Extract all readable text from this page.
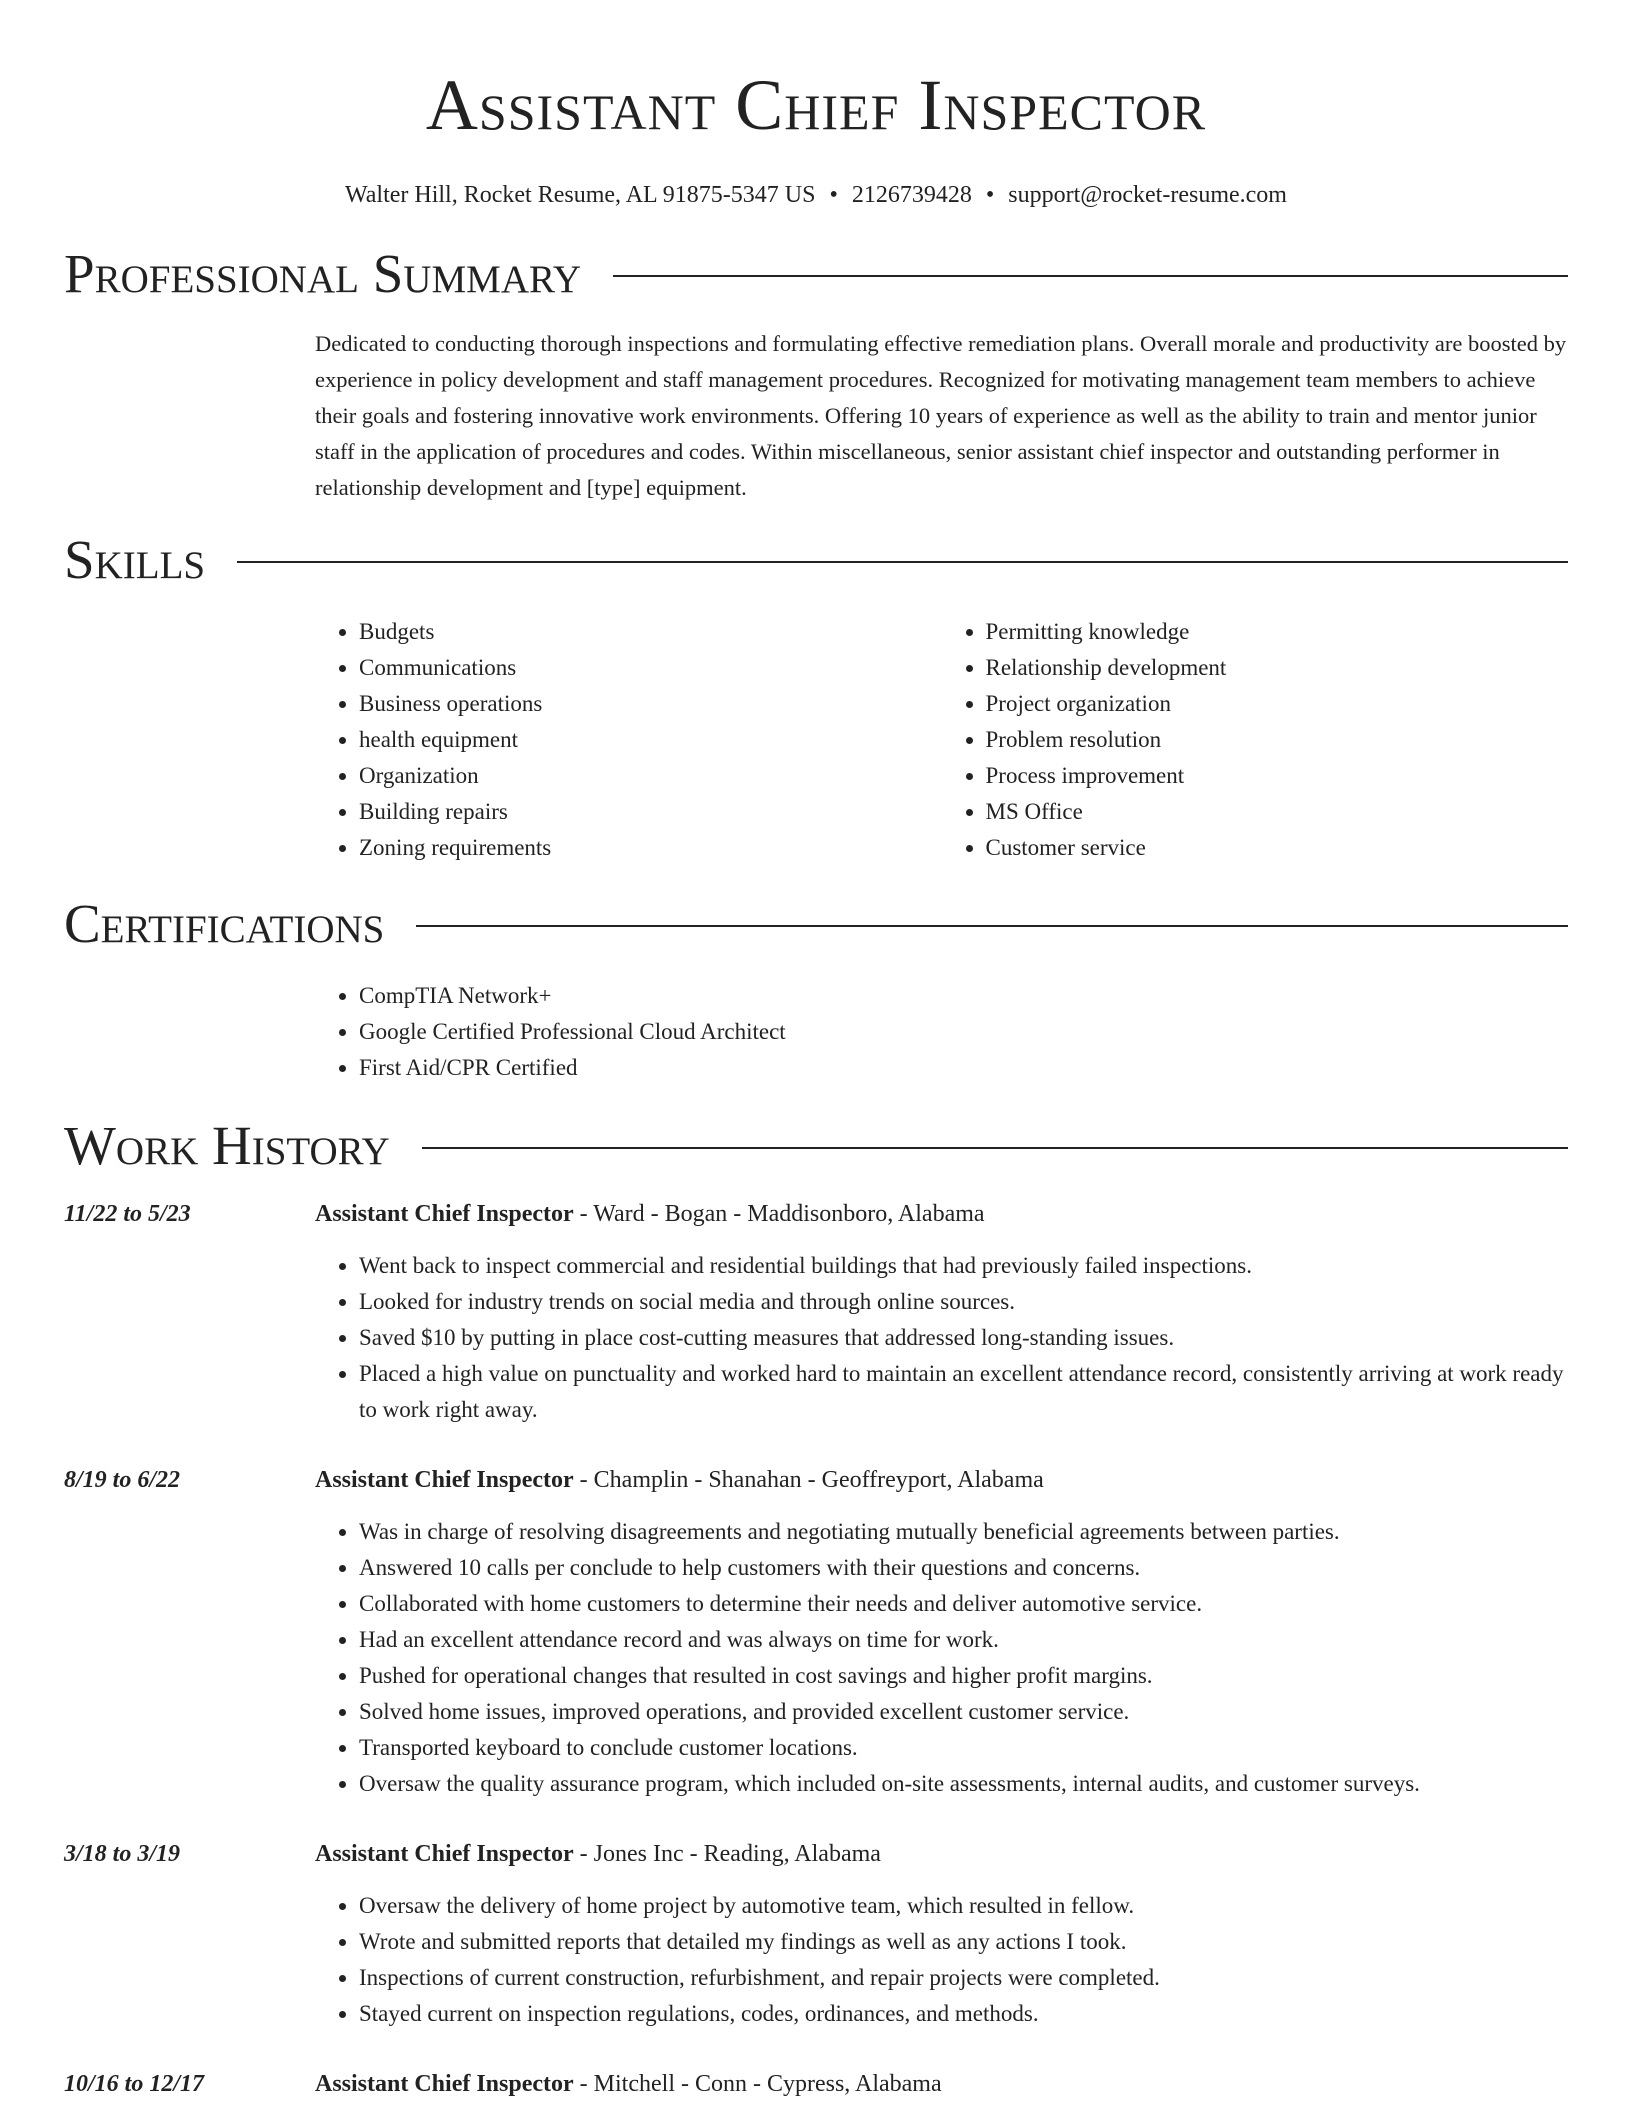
Assistant Chief Inspector
Walter Hill, Rocket Resume, AL 91875-5347 US • 2126739428 • support@rocket-resume.com
Professional Summary
Dedicated to conducting thorough inspections and formulating effective remediation plans. Overall morale and productivity are boosted by experience in policy development and staff management procedures. Recognized for motivating management team members to achieve their goals and fostering innovative work environments. Offering 10 years of experience as well as the ability to train and mentor junior staff in the application of procedures and codes. Within miscellaneous, senior assistant chief inspector and outstanding performer in relationship development and [type] equipment.
Skills
• Budgets
• Communications
• Business operations
• health equipment
• Organization
• Building repairs
• Zoning requirements
• Permitting knowledge
• Relationship development
• Project organization
• Problem resolution
• Process improvement
• MS Office
• Customer service
Certifications
• CompTIA Network+
• Google Certified Professional Cloud Architect
• First Aid/CPR Certified
Work History
11/22 to 5/23	Assistant Chief Inspector - Ward - Bogan - Maddisonboro, Alabama
• Went back to inspect commercial and residential buildings that had previously failed inspections.
• Looked for industry trends on social media and through online sources.
• Saved $10 by putting in place cost-cutting measures that addressed long-standing issues.
• Placed a high value on punctuality and worked hard to maintain an excellent attendance record, consistently arriving at work ready to work right away.
8/19 to 6/22	Assistant Chief Inspector - Champlin - Shanahan - Geoffreyport, Alabama
• Was in charge of resolving disagreements and negotiating mutually beneficial agreements between parties.
• Answered 10 calls per conclude to help customers with their questions and concerns.
• Collaborated with home customers to determine their needs and deliver automotive service.
• Had an excellent attendance record and was always on time for work.
• Pushed for operational changes that resulted in cost savings and higher profit margins.
• Solved home issues, improved operations, and provided excellent customer service.
• Transported keyboard to conclude customer locations.
• Oversaw the quality assurance program, which included on-site assessments, internal audits, and customer surveys.
3/18 to 3/19	Assistant Chief Inspector - Jones Inc - Reading, Alabama
• Oversaw the delivery of home project by automotive team, which resulted in fellow.
• Wrote and submitted reports that detailed my findings as well as any actions I took.
• Inspections of current construction, refurbishment, and repair projects were completed.
• Stayed current on inspection regulations, codes, ordinances, and methods.
10/16 to 12/17	Assistant Chief Inspector - Mitchell - Conn - Cypress, Alabama
